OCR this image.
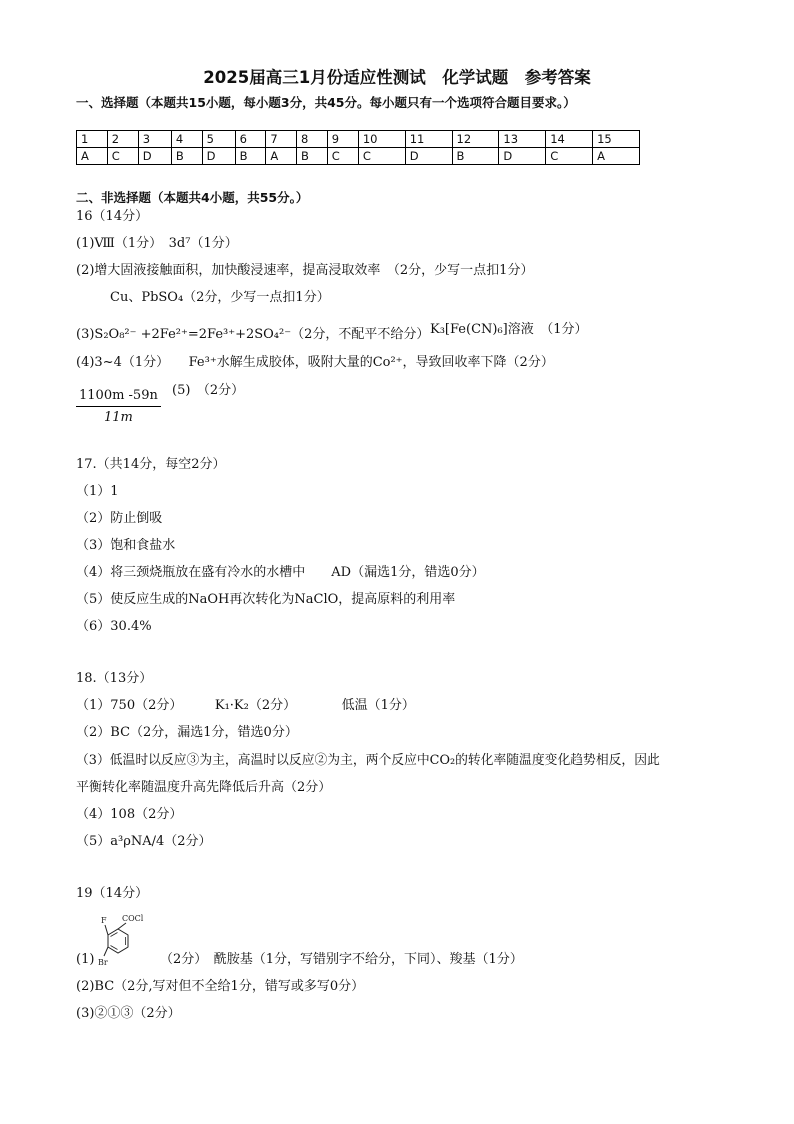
2025届高三1月份适应性测试　化学试题　参考答案
一、选择题（本题共15小题，每小题3分，共45分。每小题只有一个选项符合题目要求。）
1	2	3	4	5	6	7	8	9	10	11	12	13	14	15
A	C	D	B	D	B	A	B	C	C	D	B	D	C	A
二、非选择题（本题共4小题，共55分。）
16（14分）
(1)Ⅷ（1分）　3d⁷（1分）
(2)增大固液接触面积，加快酸浸速率，提高浸取效率　（2分，少写一点扣1分）
Cu、PbSO₄（2分，少写一点扣1分）
(3)S₂O₈²⁻ +2Fe²⁺=2Fe³⁺+2SO₄²⁻（2分，不配平不给分） K₃[Fe(CN)₆]溶液　（1分）
(4)3~4（1分）　　Fe³⁺水解生成胶体，吸附大量的Co²⁺，导致回收率下降（2分）
$\frac{1100m -59n}{11m} (5)$　（2分）
17.（共14分，每空2分）
（1）1
（2）防止倒吸
（3）饱和食盐水
（4）将三颈烧瓶放在盛有冷水的水槽中　　AD（漏选1分，错选0分）
（5）使反应生成的NaOH再次转化为NaClO，提高原料的利用率
（6）30.4%
18.（13分）
（1）750（2分）　　　K₁·K₂（2分）　　　　低温（1分）
（2）BC（2分，漏选1分，错选0分）
（3）低温时以反应③为主，高温时以反应②为主，两个反应中CO₂的转化率随温度变化趋势相反，因此
平衡转化率随温度升高先降低后升高（2分）
（4）108（2分）
（5）a³ρNA/4（2分）
19（14分）
F COCl
Br
(1)	（2分）　酰胺基（1分，写错别字不给分，下同）、羧基（1分）
(2)BC（2分,写对但不全给1分，错写或多写0分）
(3)②①③（2分）
